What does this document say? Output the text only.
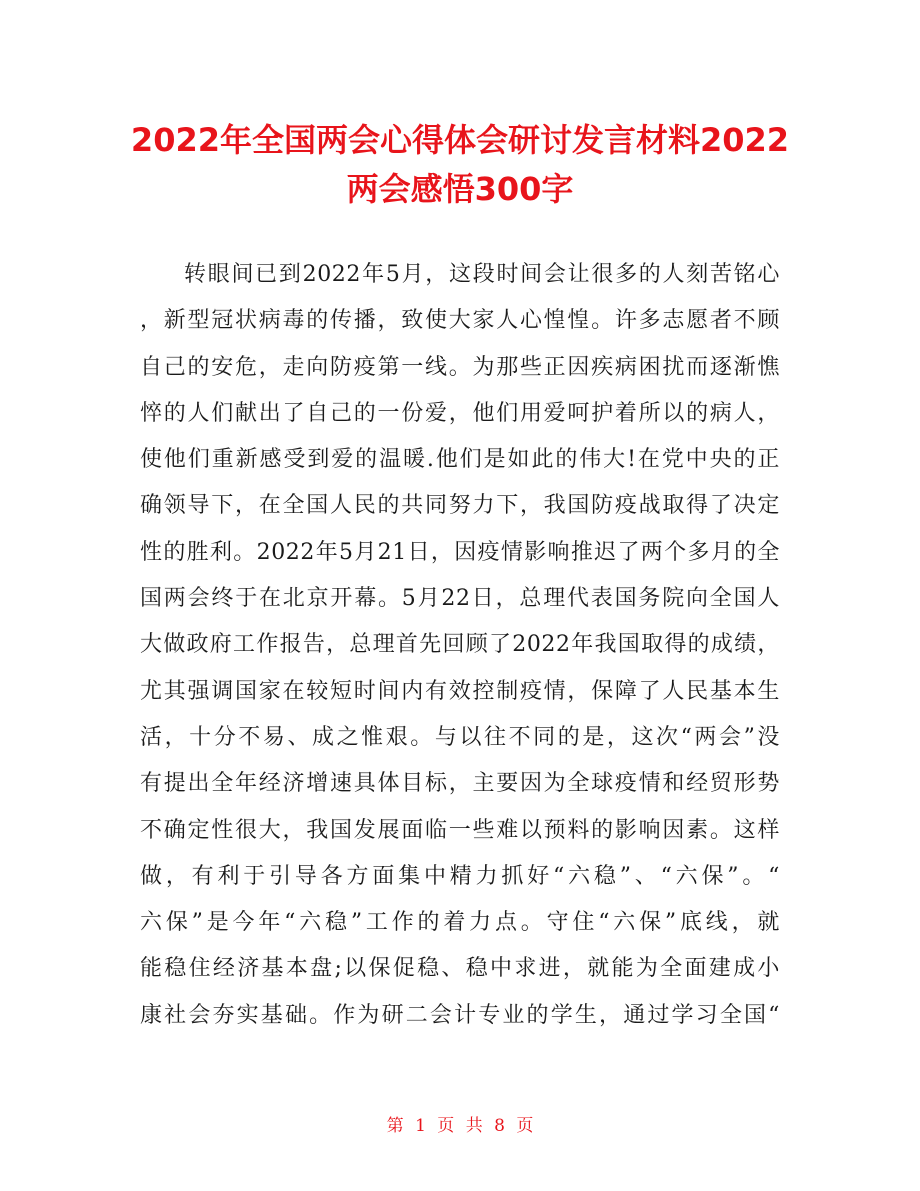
2022年全国两会心得体会研讨发言材料2022
两会感悟300字
转眼间已到2022年5月，这段时间会让很多的人刻苦铭心
，新型冠状病毒的传播，致使大家人心惶惶。许多志愿者不顾
自己的安危，走向防疫第一线。为那些正因疾病困扰而逐渐憔
悴的人们献出了自己的一份爱，他们用爱呵护着所以的病人，
使他们重新感受到爱的温暖.他们是如此的伟大!在党中央的正
确领导下，在全国人民的共同努力下，我国防疫战取得了决定
性的胜利。2022年5月21日，因疫情影响推迟了两个多月的全
国两会终于在北京开幕。5月22日，总理代表国务院向全国人
大做政府工作报告，总理首先回顾了2022年我国取得的成绩，
尤其强调国家在较短时间内有效控制疫情，保障了人民基本生
活，十分不易、成之惟艰。与以往不同的是，这次“两会”没
有提出全年经济增速具体目标，主要因为全球疫情和经贸形势
不确定性很大，我国发展面临一些难以预料的影响因素。这样
做，有利于引导各方面集中精力抓好“六稳”、“六保”。“
六保”是今年“六稳”工作的着力点。守住“六保”底线，就
能稳住经济基本盘;以保促稳、稳中求进，就能为全面建成小
康社会夯实基础。作为研二会计专业的学生，通过学习全国“
第 1 页 共 8 页
